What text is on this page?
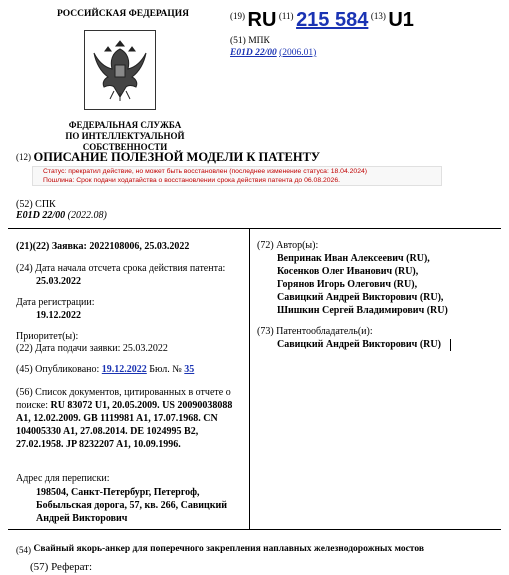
РОССИЙСКАЯ ФЕДЕРАЦИЯ
ФЕДЕРАЛЬНАЯ СЛУЖБА
ПО ИНТЕЛЛЕКТУАЛЬНОЙ СОБСТВЕННОСТИ
(19) RU (11) 215 584 (13) U1
(51) МПК
E01D 22/00 (2006.01)
(12) ОПИСАНИЕ ПОЛЕЗНОЙ МОДЕЛИ К ПАТЕНТУ
Статус: прекратил действие, но может быть восстановлен (последнее изменение статуса: 18.04.2024)
Пошлина: Срок подачи ходатайства о восстановлении срока действия патента до 06.08.2026.
(52) СПК
E01D 22/00 (2022.08)
(21)(22) Заявка: 2022108006, 25.03.2022
(24) Дата начала отсчета срока действия патента:
25.03.2022
Дата регистрации:
19.12.2022
Приоритет(ы):
(22) Дата подачи заявки: 25.03.2022
(45) Опубликовано: 19.12.2022 Бюл. № 35
(56) Список документов, цитированных в отчете о поиске: RU 83072 U1, 20.05.2009. US 20090038088 A1, 12.02.2009. GB 1119981 A1, 17.07.1968. CN 104005330 A1, 27.08.2014. DE 1024995 B2, 27.02.1958. JP 8232207 A1, 10.09.1996.
Адрес для переписки:
198504, Санкт-Петербург, Петергоф, Бобыльская дорога, 57, кв. 266, Савицкий Андрей Викторович
(72) Автор(ы):
Вепринак Иван Алексеевич (RU),
Косенков Олег Иванович (RU),
Горянов Игорь Олегович (RU),
Савицкий Андрей Викторович (RU),
Шишкин Сергей Владимирович (RU)
(73) Патентообладатель(и):
Савицкий Андрей Викторович (RU)
(54) Свайный якорь-анкер для поперечного закрепления наплавных железнодорожных мостов
(57) Реферат:
